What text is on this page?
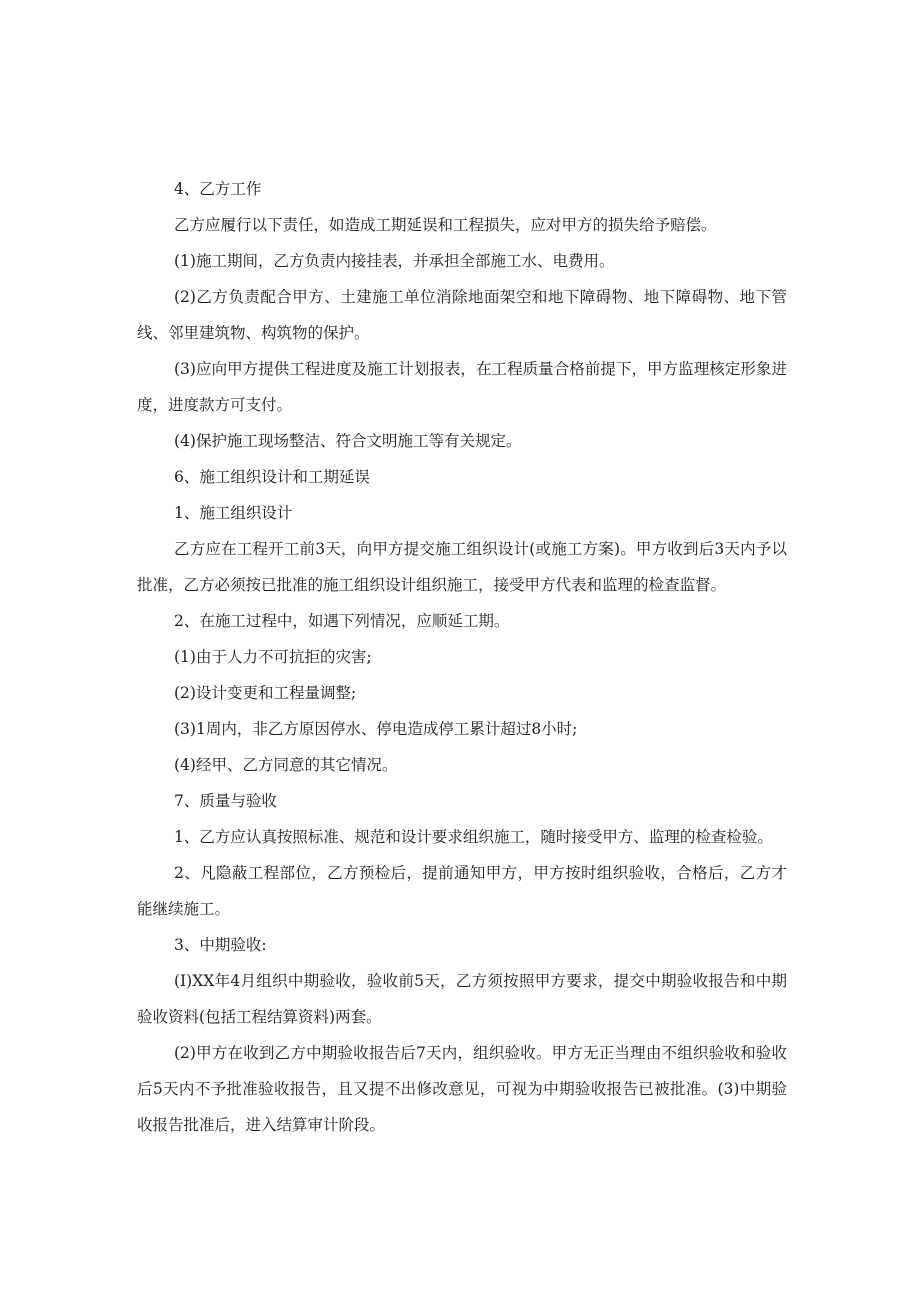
4、乙方工作

乙方应履行以下责任，如造成工期延误和工程损失，应对甲方的损失给予赔偿。

(1)施工期间，乙方负责内接挂表，并承担全部施工水、电费用。

(2)乙方负责配合甲方、土建施工单位消除地面架空和地下障碍物、地下障碍物、地下管线、邻里建筑物、构筑物的保护。

(3)应向甲方提供工程进度及施工计划报表，在工程质量合格前提下，甲方监理核定形象进度，进度款方可支付。

(4)保护施工现场整洁、符合文明施工等有关规定。

6、施工组织设计和工期延误

1、施工组织设计

乙方应在工程开工前3天，向甲方提交施工组织设计(或施工方案)。甲方收到后3天内予以批准，乙方必须按已批准的施工组织设计组织施工，接受甲方代表和监理的检查监督。

2、在施工过程中，如遇下列情况，应顺延工期。

(1)由于人力不可抗拒的灾害;

(2)设计变更和工程量调整;

(3)1周内，非乙方原因停水、停电造成停工累计超过8小时;

(4)经甲、乙方同意的其它情况。

7、质量与验收

1、乙方应认真按照标准、规范和设计要求组织施工，随时接受甲方、监理的检查检验。

2、凡隐蔽工程部位，乙方预检后，提前通知甲方，甲方按时组织验收，合格后，乙方才能继续施工。

3、中期验收:

(I)XX年4月组织中期验收，验收前5天，乙方须按照甲方要求，提交中期验收报告和中期验收资料(包括工程结算资料)两套。

(2)甲方在收到乙方中期验收报告后7天内，组织验收。甲方无正当理由不组织验收和验收后5天内不予批准验收报告，且又提不出修改意见，可视为中期验收报告已被批准。(3)中期验收报告批准后，进入结算审计阶段。
